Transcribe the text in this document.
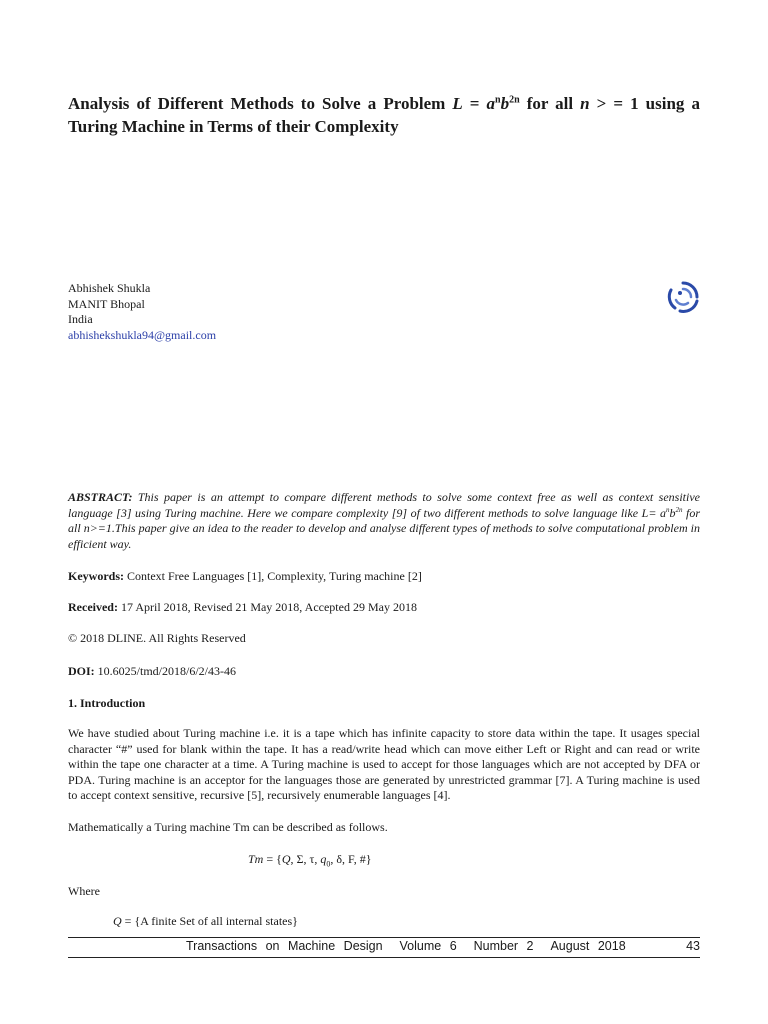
Analysis of Different Methods to Solve a Problem $L = a^nb^{2n}$ for all n > = 1 using a Turing Machine in Terms of their Complexity
Abhishek Shukla
MANIT Bhopal
India
abhishekshukla94@gmail.com
ABSTRACT: This paper is an attempt to compare different methods to solve some context free as well as context sensitive language [3] using Turing machine. Here we compare complexity [9] of two different methods to solve language like $L= a^nb^{2n}$ for all n>=1.This paper give an idea to the reader to develop and analyse different types of methods to solve computational problem in efficient way.
Keywords: Context Free Languages [1], Complexity, Turing machine [2]
Received: 17 April 2018, Revised 21 May 2018, Accepted 29 May 2018
© 2018 DLINE. All Rights Reserved
DOI: 10.6025/tmd/2018/6/2/43-46
1. Introduction
We have studied about Turing machine i.e. it is a tape which has infinite capacity to store data within the tape. It usages special character “#” used for blank within the tape. It has a read/write head which can move either Left or Right and can read or write within the tape one character at a time. A Turing machine is used to accept for those languages which are not accepted by DFA or PDA. Turing machine is an acceptor for the languages those are generated by unrestricted grammar [7]. A Turing machine is used to accept context sensitive, recursive [5], recursively enumerable languages [4].
Mathematically a Turing machine Tm can be described as follows.
Tm = {Q, Σ, τ, $q_0$, δ, F, #}
Where
Q = {A finite Set of all internal states}
Transactions on Machine Design Volume 6 Number 2 August 2018	43
